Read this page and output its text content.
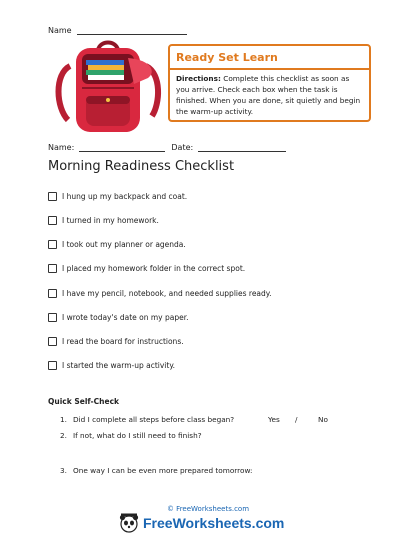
Name
Ready Set Learn
Directions: Complete this checklist as soon as you arrive. Check each box when the task is finished. When you are done, sit quietly and begin the warm-up activity.
Name:	Date:
Morning Readiness Checklist
I hung up my backpack and coat.
I turned in my homework.
I took out my planner or agenda.
I placed my homework folder in the correct spot.
I have my pencil, notebook, and needed supplies ready.
I wrote today's date on my paper.
I read the board for instructions.
I started the warm-up activity.
Quick Self-Check
1. Did I complete all steps before class began?	Yes /	No
2. If not, what do I still need to finish?
3. One way I can be even more prepared tomorrow:
© FreeWorksheets.com
FreeWorksheets.com
